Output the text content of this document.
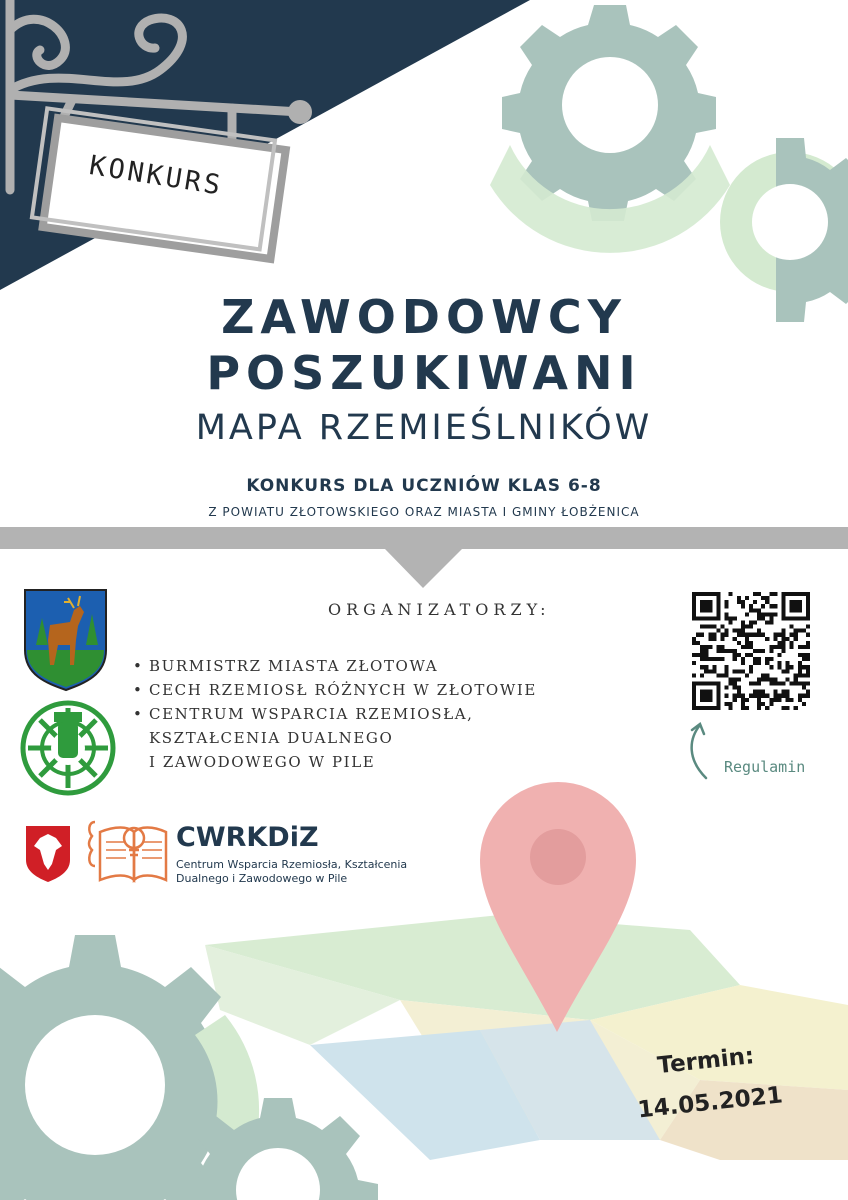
KONKURS
ZAWODOWCY
POSZUKIWANI
MAPA RZEMIEŚLNIKÓW
KONKURS DLA UCZNIÓW KLAS 6-8
Z POWIATU ZŁOTOWSKIEGO ORAZ MIASTA I GMINY ŁOBŻENICA
ORGANIZATORZY:
• BURMISTRZ MIASTA ZŁOTOWA
• CECH RZEMIOSŁ RÓŻNYCH W ZŁOTOWIE
• CENTRUM WSPARCIA RZEMIOSŁA,
KSZTAŁCENIA DUALNEGO
I ZAWODOWEGO W PILE	Regulamin
CWRKDiZ
Centrum Wsparcia Rzemiosła, Kształcenia
Dualnego i Zawodowego w Pile
Termin:
14.05.2021
